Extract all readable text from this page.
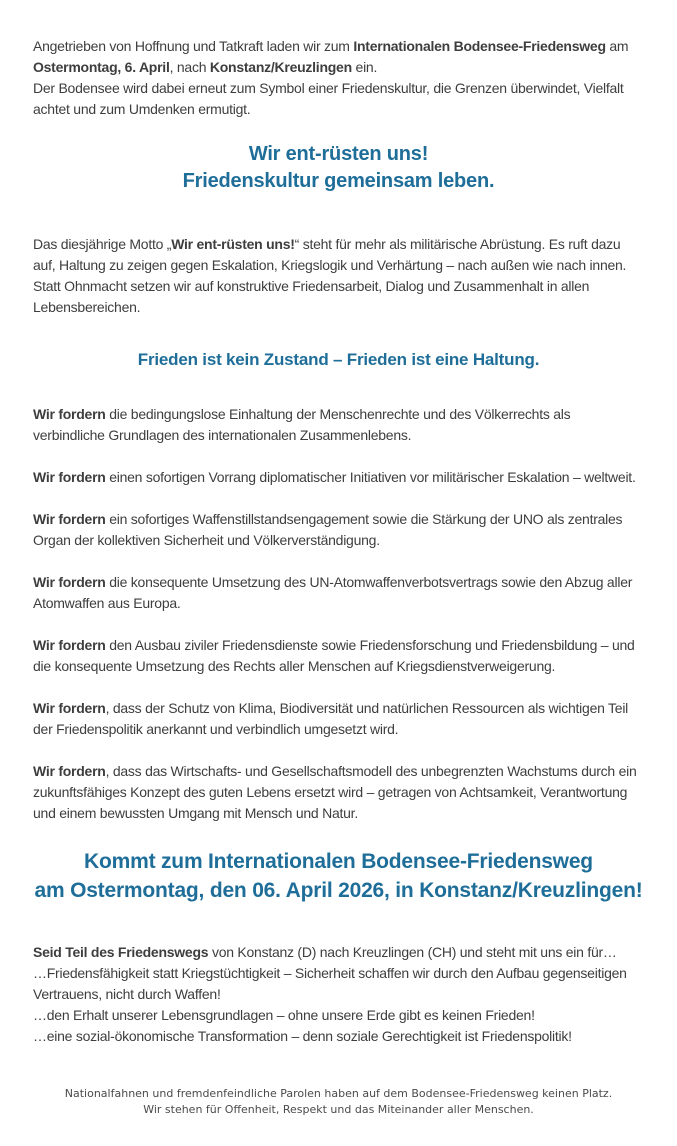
Angetrieben von Hoffnung und Tatkraft laden wir zum Internationalen Bodensee-Friedensweg am Ostermontag, 6. April, nach Konstanz/Kreuzlingen ein.
Der Bodensee wird dabei erneut zum Symbol einer Friedenskultur, die Grenzen überwindet, Vielfalt achtet und zum Umdenken ermutigt.

Wir ent-rüsten uns!
Friedenskultur gemeinsam leben.

Das diesjährige Motto „Wir ent-rüsten uns!“ steht für mehr als militärische Abrüstung. Es ruft dazu auf, Haltung zu zeigen gegen Eskalation, Kriegslogik und Verhärtung – nach außen wie nach innen. Statt Ohnmacht setzen wir auf konstruktive Friedensarbeit, Dialog und Zusammenhalt in allen Lebensbereichen.

Frieden ist kein Zustand – Frieden ist eine Haltung.

Wir fordern die bedingungslose Einhaltung der Menschenrechte und des Völkerrechts als verbindliche Grundlagen des internationalen Zusammenlebens.

Wir fordern einen sofortigen Vorrang diplomatischer Initiativen vor militärischer Eskalation – weltweit.

Wir fordern ein sofortiges Waffenstillstandsengagement sowie die Stärkung der UNO als zentrales Organ der kollektiven Sicherheit und Völkerverständigung.

Wir fordern die konsequente Umsetzung des UN-Atomwaffenverbotsvertrags sowie den Abzug aller Atomwaffen aus Europa.

Wir fordern den Ausbau ziviler Friedensdienste sowie Friedensforschung und Friedensbildung – und die konsequente Umsetzung des Rechts aller Menschen auf Kriegsdienstverweigerung.

Wir fordern, dass der Schutz von Klima, Biodiversität und natürlichen Ressourcen als wichtigen Teil der Friedenspolitik anerkannt und verbindlich umgesetzt wird.

Wir fordern, dass das Wirtschafts- und Gesellschaftsmodell des unbegrenzten Wachstums durch ein zukunftsfähiges Konzept des guten Lebens ersetzt wird – getragen von Achtsamkeit, Verantwortung und einem bewussten Umgang mit Mensch und Natur.

Kommt zum Internationalen Bodensee-Friedensweg
am Ostermontag, den 06. April 2026, in Konstanz/Kreuzlingen!

Seid Teil des Friedenswegs von Konstanz (D) nach Kreuzlingen (CH) und steht mit uns ein für…
…Friedensfähigkeit statt Kriegstüchtigkeit – Sicherheit schaffen wir durch den Aufbau gegenseitigen Vertrauens, nicht durch Waffen!
…den Erhalt unserer Lebensgrundlagen – ohne unsere Erde gibt es keinen Frieden!
…eine sozial-ökonomische Transformation – denn soziale Gerechtigkeit ist Friedenspolitik!

Nationalfahnen und fremdenfeindliche Parolen haben auf dem Bodensee-Friedensweg keinen Platz.
Wir stehen für Offenheit, Respekt und das Miteinander aller Menschen.
